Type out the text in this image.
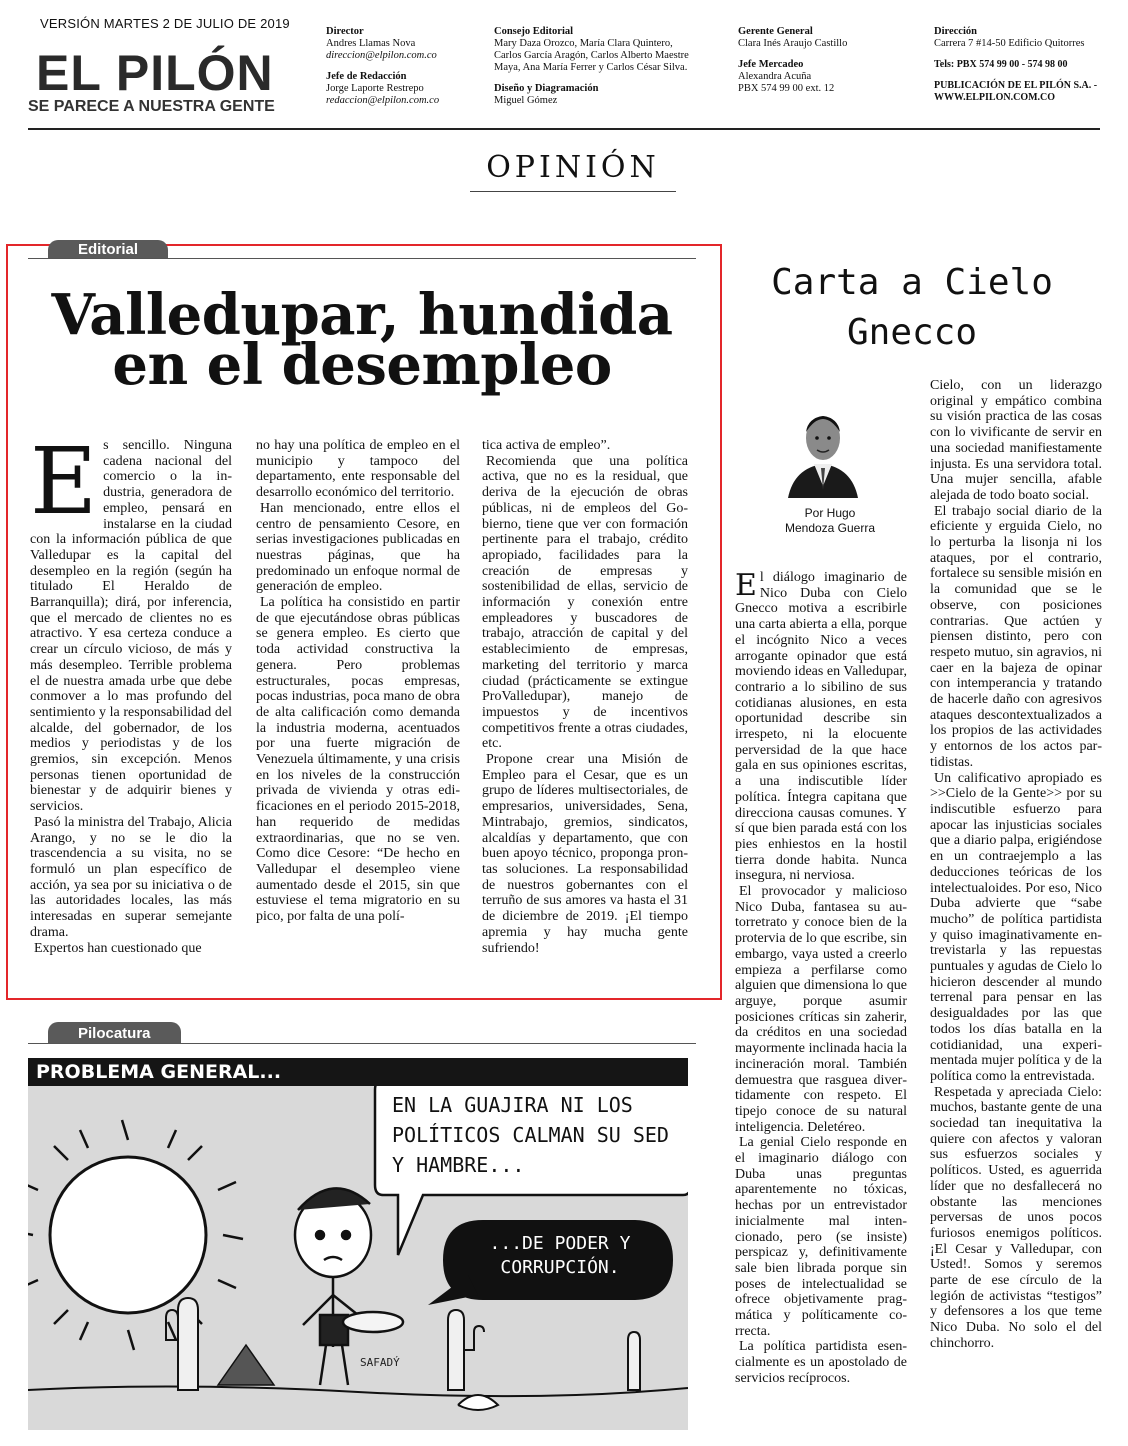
VERSIÓN MARTES 2 DE JULIO DE 2019
EL PILÓN
SE PARECE A NUESTRA GENTE
Director
Andres Llamas Nova
direccion@elpilon.com.co
Jefe de Redacción
Jorge Laporte Restrepo
redaccion@elpilon.com.co
Consejo Editorial
Mary Daza Orozco, María Clara Quintero,
Carlos García Aragón, Carlos Alberto Maestre
Maya, Ana María Ferrer y Carlos César Silva.
Diseño y Diagramación
Miguel Gómez
Gerente General
Clara Inés Araujo Castillo
Jefe Mercadeo
Alexandra Acuña
PBX 574 99 00 ext. 12
Dirección
Carrera 7 #14-50 Edificio Quitorres
Tels: PBX 574 99 00 - 574 98 00
PUBLICACIÓN DE EL PILÓN S.A. -
WWW.ELPILON.COM.CO
OPINIÓN
Editorial
Valledupar, hundida
en el desempleo

Es sencillo. Ninguna cadena nacional del comercio o la industria, generadora de empleo, pensará en instalarse en la ciudad con la información pública de que Valledupar es la capital del desempleo en la región (según ha titulado El Heraldo de Barranquilla); dirá, por inferencia, que el mercado de clientes no es atractivo. Y esa certeza conduce a crear un círculo vicioso, de más y más desempleo. Terrible problema el de nuestra amada urbe que debe conmover a lo mas profundo del sentimiento y la responsabilidad del alcalde, del gobernador, de los medios y periodistas y de los gremios, sin excepción. Menos personas tienen oportunidad de bienestar y de adquirir bienes y servicios.

Pasó la ministra del Trabajo, Alicia Arango, y no se le dio la trascendencia a su visita, no se formuló un plan específico de acción, ya sea por su iniciativa o de las autoridades locales, las más interesadas en superar semejante drama.

Expertos han cuestionado que

no hay una política de empleo en el municipio y tampoco del departamento, ente responsable del desarrollo económico del territorio.

Han mencionado, entre ellos el centro de pensamiento Cesore, en serias investigaciones publicadas en nuestras páginas, que ha predominado un enfoque normal de generación de empleo.

La política ha consistido en partir de que ejecutándose obras públicas se genera empleo. Es cierto que toda actividad constructiva la genera. Pero problemas estructurales, pocas empresas, pocas industrias, poca mano de obra de alta calificación como demanda la industria moderna, acentuados por una fuerte migración de Venezuela últimamente, y una crisis en los niveles de la construcción privada de vivienda y otras edificaciones en el periodo 2015-2018, han requerido de medidas extraordinarias, que no se ven. Como dice Cesore: “De hecho en Valledupar el desempleo viene aumentado desde el 2015, sin que estuviese el tema migratorio en su pico, por falta de una polí-

tica activa de empleo”.

Recomienda que una política activa, que no es la residual, que deriva de la ejecución de obras públicas, ni de empleos del Gobierno, tiene que ver con formación pertinente para el trabajo, crédito apropiado, facilidades para la creación de empresas y sostenibilidad de ellas, servicio de información y conexión entre empleadores y buscadores de trabajo, atracción de capital y del establecimiento de empresas, marketing del territorio y marca ciudad (prácticamente se extingue ProValledupar), manejo de impuestos y de incentivos competitivos frente a otras ciudades, etc.

Propone crear una Misión de Empleo para el Cesar, que es un grupo de líderes multisectoriales, de empresarios, universidades, Sena, Mintrabajo, gremios, sindicatos, alcaldías y departamento, que con buen apoyo técnico, proponga prontas soluciones. La responsabilidad de nuestros gobernantes con el terruño de sus amores va hasta el 31 de diciembre de 2019. ¡El tiempo apremia y hay mucha gente sufriendo!

Pilocatura
PROBLEMA GENERAL...
EN LA GUAJIRA NI LOS POLÍTICOS CALMAN SU SED Y HAMBRE...
...DE PODER Y CORRUPCIÓN.
SAFADÝ
Carta a Cielo
Gnecco
Por Hugo
Mendoza Guerra

El diálogo imaginario de Nico Duba con Cielo Gnecco motiva a escribirle una carta abierta a ella, porque el incógnito Nico a veces arrogante opinador que está moviendo ideas en Valledupar, contrario a lo sibilino de sus cotidianas alusiones, en esta oportunidad describe sin irrespeto, ni la elocuente perversidad de la que hace gala en sus opiniones escritas, a una indiscutible líder política. Íntegra capitana que direcciona causas comunes. Y sí que bien parada está con los pies enhiestos en la hostil tierra donde habita. Nunca insegura, ni nerviosa.

El provocador y malicioso Nico Duba, fantasea su autorretrato y conoce bien de la protervia de lo que escribe, sin embargo, vaya usted a creerlo empieza a perfilarse como alguien que dimensiona lo que arguye, porque asumir posiciones críticas sin zaherir, da créditos en una sociedad mayormente inclinada hacia la incineración moral. También demuestra que rasguea divertidamente con respeto. El tipejo conoce de su natural inteligencia. Deletéreo.

La genial Cielo responde en el imaginario diálogo con Duba unas preguntas aparentemente no tóxicas, hechas por un entrevistador inicialmente mal intencionado, pero (se insiste) perspicaz y, definitivamente sale bien librada porque sin poses de intelectualidad se ofrece objetivamente pragmática y políticamente correcta.

La política partidista esencialmente es un apostolado de servicios recíprocos.

Cielo, con un liderazgo original y empático combina su visión practica de las cosas con lo vivificante de servir en una sociedad manifiestamente injusta. Es una servidora total. Una mujer sencilla, afable alejada de todo boato social.

El trabajo social diario de la eficiente y erguida Cielo, no lo perturba la lisonja ni los ataques, por el contrario, fortalece su sensible misión en la comunidad que se le observe, con posiciones contrarias. Que actúen y piensen distinto, pero con respeto mutuo, sin agravios, ni caer en la bajeza de opinar con intemperancia y tratando de hacerle daño con agresivos ataques descontextualizados a los propios de las actividades y entornos de los actos partidistas.

Un calificativo apropiado es >>Cielo de la Gente>> por su indiscutible esfuerzo para apocar las injusticias sociales que a diario palpa, erigiéndose en un contraejemplo a las deducciones teóricas de los intelectualoides. Por eso, Nico Duba advierte que “sabe mucho” de política partidista y quiso imaginativamente entrevistarla y las repuestas puntuales y agudas de Cielo lo hicieron descender al mundo terrenal para pensar en las desigualdades por las que todos los días batalla en la cotidianidad, una experimentada mujer política y de la política como la entrevistada.

Respetada y apreciada Cielo: muchos, bastante gente de una sociedad tan inequitativa la quiere con afectos y valoran sus esfuerzos sociales y políticos. Usted, es aguerrida líder que no desfallecerá no obstante las menciones perversas de unos pocos furiosos enemigos políticos. ¡El Cesar y Valledupar, con Usted!. Somos y seremos parte de ese círculo de la legión de activistas “testigos” y defensores a los que teme Nico Duba. No solo el del chinchorro.
